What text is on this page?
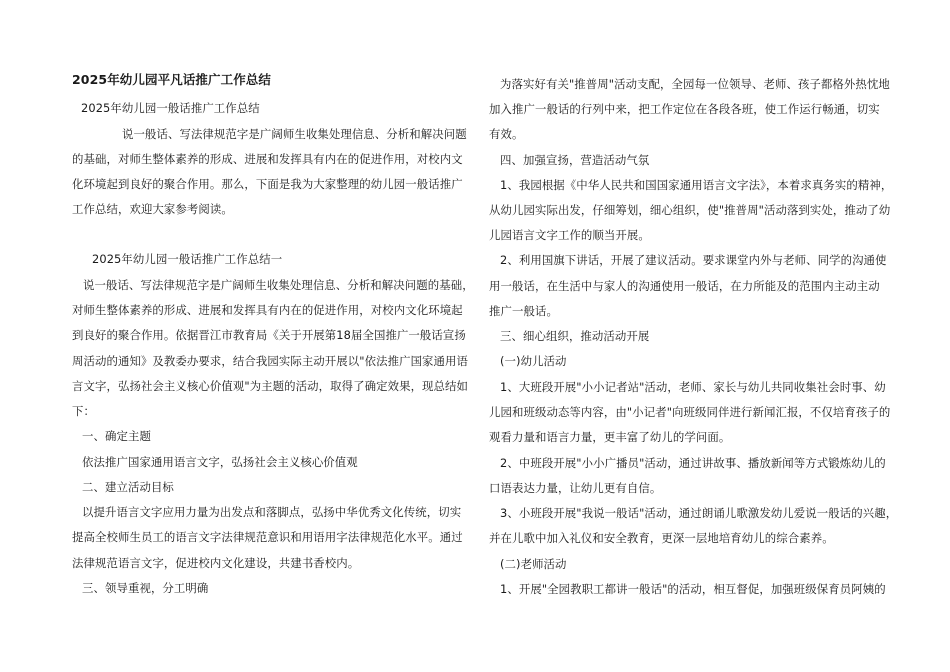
2025年幼儿园平凡话推广工作总结
2025年幼儿园一般话推广工作总结
说一般话、写法律规范字是广阔师生收集处理信息、分析和解决问题
的基础，对师生整体素养的形成、进展和发挥具有内在的促进作用，对校内文
化环境起到良好的聚合作用。那么，下面是我为大家整理的幼儿园一般话推广
工作总结，欢迎大家参考阅读。
2025年幼儿园一般话推广工作总结一
说一般话、写法律规范字是广阔师生收集处理信息、分析和解决问题的基础，
对师生整体素养的形成、进展和发挥具有内在的促进作用，对校内文化环境起
到良好的聚合作用。依据晋江市教育局《关于开展第18届全国推广一般话宣扬
周活动的通知》及教委办要求，结合我园实际主动开展以"依法推广国家通用语
言文字，弘扬社会主义核心价值观"为主题的活动，取得了确定效果，现总结如
下：
一、确定主题
依法推广国家通用语言文字，弘扬社会主义核心价值观
二、建立活动目标
以提升语言文字应用力量为出发点和落脚点，弘扬中华优秀文化传统，切实
提高全校师生员工的语言文字法律规范意识和用语用字法律规范化水平。通过
法律规范语言文字，促进校内文化建设，共建书香校内。
三、领导重视，分工明确
为落实好有关"推普周"活动支配，全园每一位领导、老师、孩子都格外热忱地
加入推广一般话的行列中来，把工作定位在各段各班，使工作运行畅通，切实
有效。
四、加强宣扬，营造活动气氛
1、我园根据《中华人民共和国国家通用语言文字法》，本着求真务实的精神，
从幼儿园实际出发，仔细筹划，细心组织，使"推普周"活动落到实处，推动了幼
儿园语言文字工作的顺当开展。
2、利用国旗下讲话，开展了建议活动。要求课堂内外与老师、同学的沟通使
用一般话，在生活中与家人的沟通使用一般话，在力所能及的范围内主动主动
推广一般话。
三、细心组织，推动活动开展
(一)幼儿活动
1、大班段开展"小小记者站"活动，老师、家长与幼儿共同收集社会时事、幼
儿园和班级动态等内容，由"小记者"向班级同伴进行新闻汇报，不仅培育孩子的
观看力量和语言力量，更丰富了幼儿的学问面。
2、中班段开展"小小广播员"活动，通过讲故事、播放新闻等方式锻炼幼儿的
口语表达力量，让幼儿更有自信。
3、小班段开展"我说一般话"活动，通过朗诵儿歌激发幼儿爱说一般话的兴趣，
并在儿歌中加入礼仪和安全教育，更深一层地培育幼儿的综合素养。
(二)老师活动
1、开展"全园教职工都讲一般话"的活动，相互督促，加强班级保育员阿姨的
